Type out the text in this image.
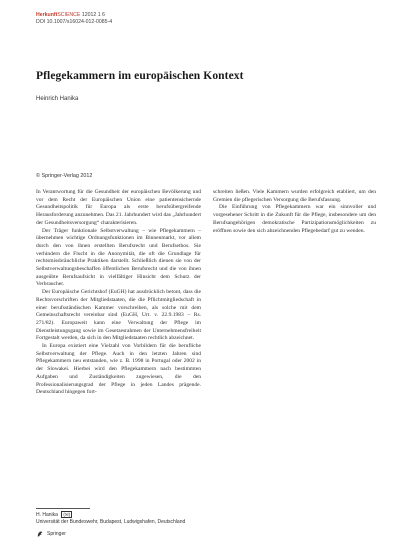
HerkunftSCIENCE 12012 1 6
DOI 10.1007/s16024-012-0085-4
Pflegekammern im europäischen Kontext
Heinrich Hanika
© Springer-Verlag 2012

In Verantwortung für die Gesundheit der europäischen Bevölkerung und vor dem Recht der Europäischen Union eine patientensichernde Gesundheitspolitik für Europa als erste berufsübergreifende Herausforderung anzunehmen. Das 21. Jahrhundert wird das „Jahrhundert der Gesundheitsversorgung“ charakterisieren.

Der Träger funktionale Selbstverwaltung – wie Pflegekammern – übernehmen wichtige Ordnungsfunktionen im Binnenmarkt, vor allem durch den von ihnen erstellten Berufsrecht und Berufsethos. Sie verhindern die Flucht in die Anonymität, die oft die Grundlage für rechtsmissbräuchliche Praktiken darstellt. Schließlich dienen sie von der Selbstverwaltungsbeschaffen öffentlichen Berufsrecht und die von ihnen ausgeübte Berufsaufsicht in vielfältiger Hinsicht dem Schutz der Verbraucher.

Der Europäische Gerichtshof (EuGH) hat ausdrücklich betont, dass die Rechtsvorschriften der Mitgliedstaaten, die die Pflichtmitgliedschaft in einer berufsständischen Kammer vorschreiben, als solche mit dem Gemeinschaftsrecht vereinbar sind (EuGH, Urt. v. 22.9.1983 – Rs. 271/82). Europaweit kann eine Verwaltung der Pflege im Dienstleistungsgang sowie im Gesetzesrahmen der Unternehmensfreiheit Fortgestalt werden, da sich in den Mitgliedstaaten rechtlich abzeichnet.

In Europa existiert eine Vielzahl von Vorbildern für die berufliche Selbstverwaltung der Pflege. Auch in den letzten Jahren sind Pflegekammern neu entstanden, wie z. B. 1998 in Portugal oder 2002 in der Slowakei. Hierbei wird den Pflegekammern nach bestimmten Aufgaben und Zuständigkeiten zugewiesen, die den Professionalisierungsgrad der Pflege in jeden Landes prägende. Deutschland hingegen fort-

schreiten ließen. Viele Kammern wurden erfolgreich etabliert, um den Gremien die pflegerischen Versorgung die Berufsfassung.

Die Einführung von Pflegekammern war ein sinnvoller und vorgesehener Schritt in die Zukunft für die Pflege, insbesondere um den Berufsangehörigen demokratische Partizipationsmöglichkeiten zu eröffnen sowie den sich abzeichnenden Pflegebedarf gut zu wenden.

H. Hanika (✉)
Universität der Bundeswehr, Budapest, Ludwigshafen, Deutschland
Springer
